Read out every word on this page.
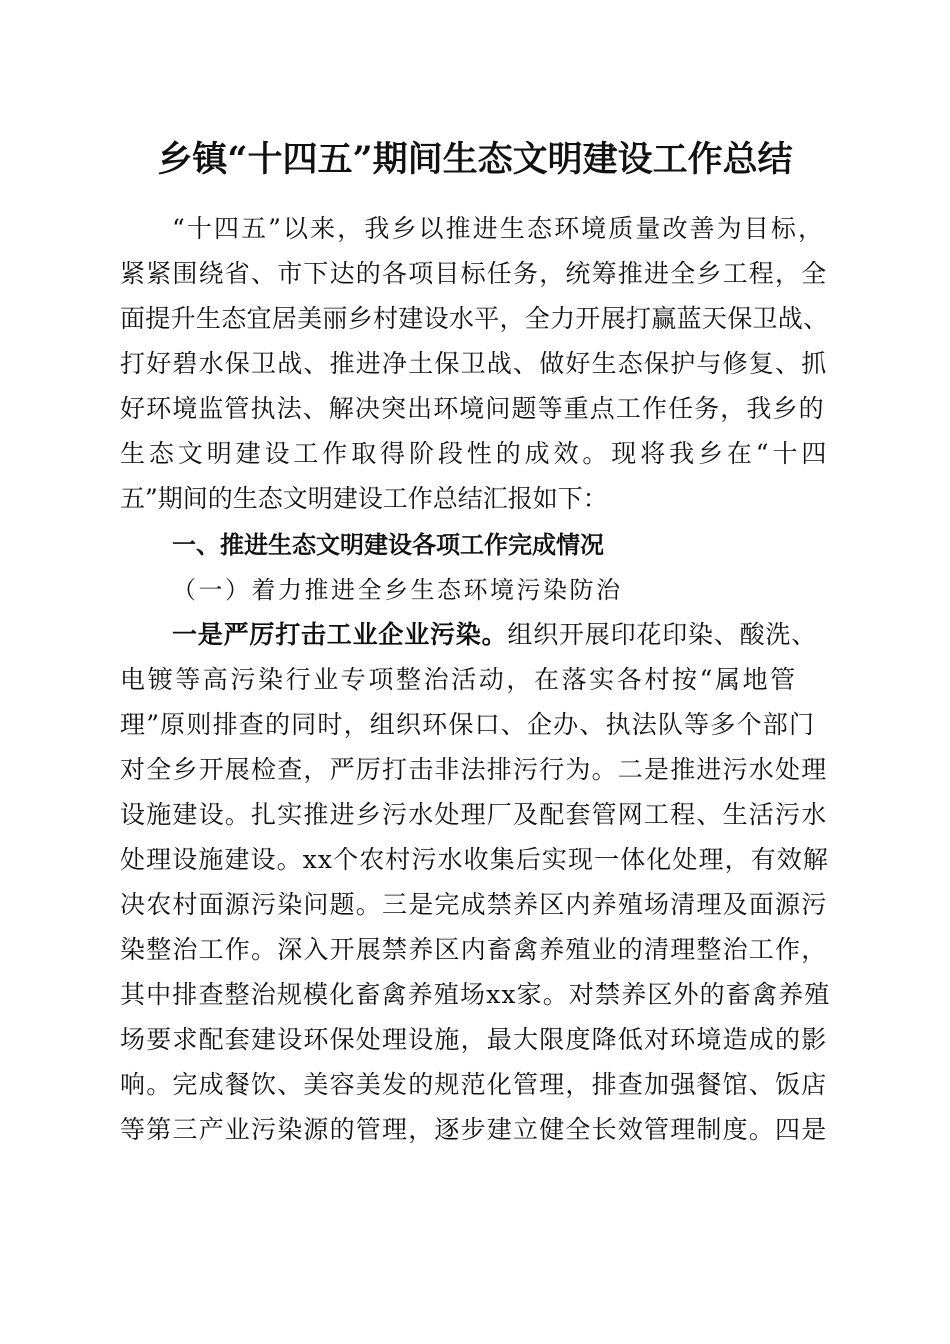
乡镇“十四五”期间生态文明建设工作总结
“十四五”以来，我乡以推进生态环境质量改善为目标，
紧紧围绕省、市下达的各项目标任务，统筹推进全乡工程，全
面提升生态宜居美丽乡村建设水平，全力开展打赢蓝天保卫战、
打好碧水保卫战、推进净土保卫战、做好生态保护与修复、抓
好环境监管执法、解决突出环境问题等重点工作任务，我乡的
生态文明建设工作取得阶段性的成效。现将我乡在“十四
五”期间的生态文明建设工作总结汇报如下：
一、推进生态文明建设各项工作完成情况
（一）着力推进全乡生态环境污染防治
一是严厉打击工业企业污染。组织开展印花印染、酸洗、
电镀等高污染行业专项整治活动，在落实各村按“属地管
理”原则排查的同时，组织环保口、企办、执法队等多个部门
对全乡开展检查，严厉打击非法排污行为。二是推进污水处理
设施建设。扎实推进乡污水处理厂及配套管网工程、生活污水
处理设施建设。xx个农村污水收集后实现一体化处理，有效解
决农村面源污染问题。三是完成禁养区内养殖场清理及面源污
染整治工作。深入开展禁养区内畜禽养殖业的清理整治工作，
其中排查整治规模化畜禽养殖场xx家。对禁养区外的畜禽养殖
场要求配套建设环保处理设施，最大限度降低对环境造成的影
响。完成餐饮、美容美发的规范化管理，排查加强餐馆、饭店
等第三产业污染源的管理，逐步建立健全长效管理制度。四是
